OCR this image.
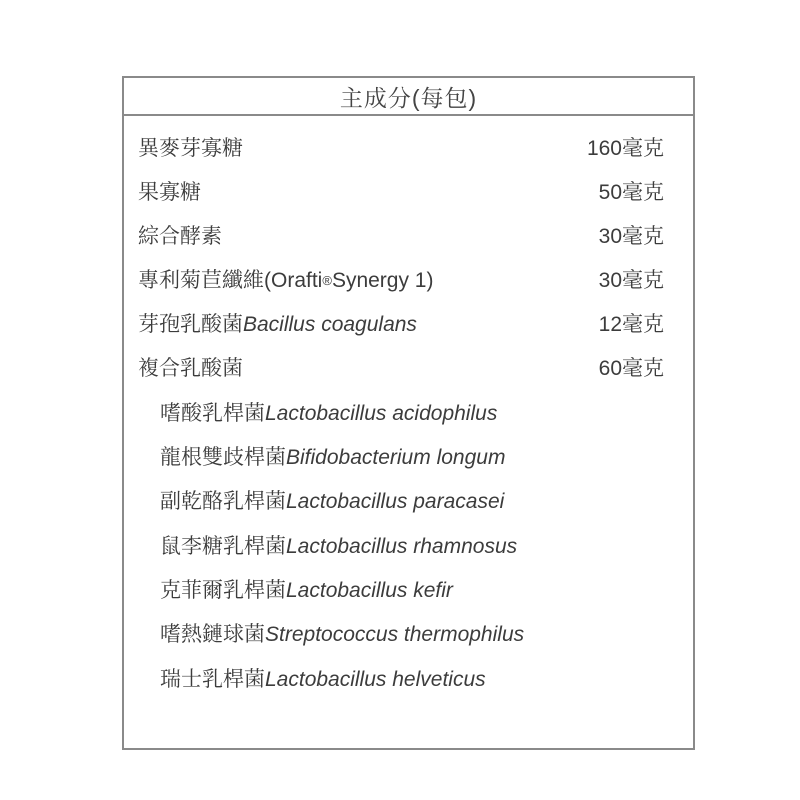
主成分(每包)
異麥芽寡糖	160毫克
果寡糖	50毫克
綜合酵素	30毫克
專利菊苣纖維(Orafti® Synergy 1)	30毫克
芽孢乳酸菌 Bacillus coagulans	12毫克
複合乳酸菌	60毫克
嗜酸乳桿菌 Lactobacillus acidophilus
龍根雙歧桿菌 Bifidobacterium longum
副乾酪乳桿菌 Lactobacillus paracasei
鼠李糖乳桿菌 Lactobacillus rhamnosus
克菲爾乳桿菌 Lactobacillus kefir
嗜熱鏈球菌 Streptococcus thermophilus
瑞士乳桿菌 Lactobacillus helveticus
